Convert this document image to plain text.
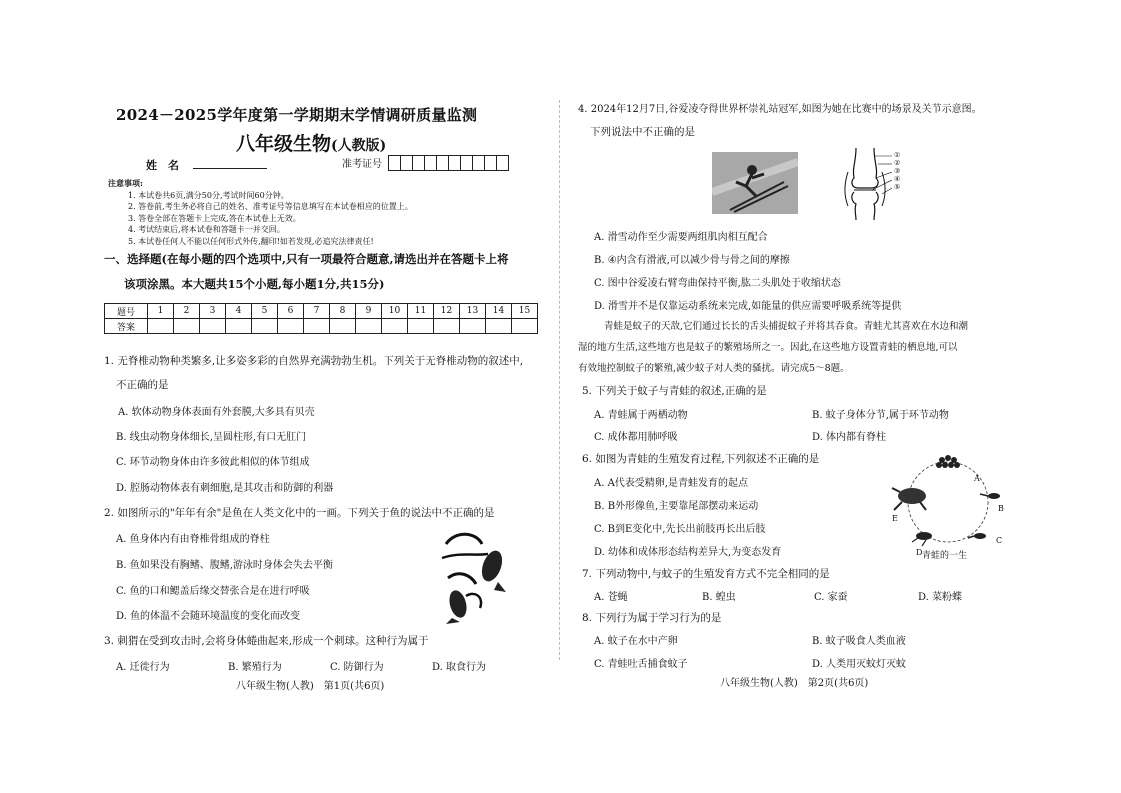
2024－2025学年度第一学期期末学情调研质量监测
八年级生物(人教版)
姓　名	准考证号
注意事项:
1. 本试卷共6页,满分50分,考试时间60分钟。
2. 答卷前,考生务必将自己的姓名、准考证号等信息填写在本试卷相应的位置上。
3. 答卷全部在答题卡上完成,答在本试卷上无效。
4. 考试结束后,将本试卷和答题卡一并交回。
5. 本试卷任何人不能以任何形式外传,翻印!如若发现,必追究法律责任!
一、选择题(在每小题的四个选项中,只有一项最符合题意,请选出并在答题卡上将
该项涂黑。本大题共15个小题,每小题1分,共15分)
题号	1	2	3	4	5	6	7	8	9	10	11	12	13	14	15
答案															
1. 无脊椎动物种类繁多,让多姿多彩的自然界充满勃勃生机。下列关于无脊椎动物的叙述中,
不正确的是
A. 软体动物身体表面有外套膜,大多具有贝壳
B. 线虫动物身体细长,呈圆柱形,有口无肛门
C. 环节动物身体由许多彼此相似的体节组成
D. 腔肠动物体表有刺细胞,是其攻击和防御的利器
2. 如图所示的"年年有余"是鱼在人类文化中的一画。下列关于鱼的说法中不正确的是
A. 鱼身体内有由脊椎骨组成的脊柱
B. 鱼如果没有胸鳍、腹鳍,游泳时身体会失去平衡
C. 鱼的口和鳃盖后缘交替张合是在进行呼吸
D. 鱼的体温不会随环境温度的变化而改变
3. 刺猬在受到攻击时,会将身体蜷曲起来,形成一个刺球。这种行为属于
A. 迁徙行为	B. 繁殖行为	C. 防御行为	D. 取食行为
八年级生物(人教)　第1页(共6页)
4. 2024年12月7日,谷爱凌夺得世界杯崇礼站冠军,如图为她在比赛中的场景及关节示意图。
下列说法中不正确的是
①
②
③
④
⑤
A. 滑雪动作至少需要两组肌肉相互配合
B. ④内含有滑液,可以减少骨与骨之间的摩擦
C. 图中谷爱凌右臂弯曲保持平衡,肱二头肌处于收缩状态
D. 滑雪并不是仅靠运动系统来完成,如能量的供应需要呼吸系统等提供
青蛙是蚊子的天敌,它们通过长长的舌头捕捉蚊子并将其吞食。青蛙尤其喜欢在水边和潮
湿的地方生活,这些地方也是蚊子的繁殖场所之一。因此,在这些地方设置青蛙的栖息地,可以
有效地控制蚊子的繁殖,减少蚊子对人类的骚扰。请完成5～8题。
5. 下列关于蚊子与青蛙的叙述,正确的是
A. 青蛙属于两栖动物	B. 蚊子身体分节,属于环节动物
C. 成体都用肺呼吸	D. 体内都有脊柱
6. 如图为青蛙的生殖发育过程,下列叙述不正确的是
A. A代表受精卵,是青蛙发育的起点
B. B外形像鱼,主要靠尾部摆动来运动
C. B到E变化中,先长出前肢再长出后肢
D. 幼体和成体形态结构差异大,为变态发育
A
B
C
D
E
青蛙的一生
7. 下列动物中,与蚊子的生殖发育方式不完全相同的是
A. 苍蝇	B. 蝗虫	C. 家蚕	D. 菜粉蝶
8. 下列行为属于学习行为的是
A. 蚊子在水中产卵	B. 蚊子吸食人类血液
C. 青蛙吐舌捕食蚊子	D. 人类用灭蚊灯灭蚊
八年级生物(人教)　第2页(共6页)
